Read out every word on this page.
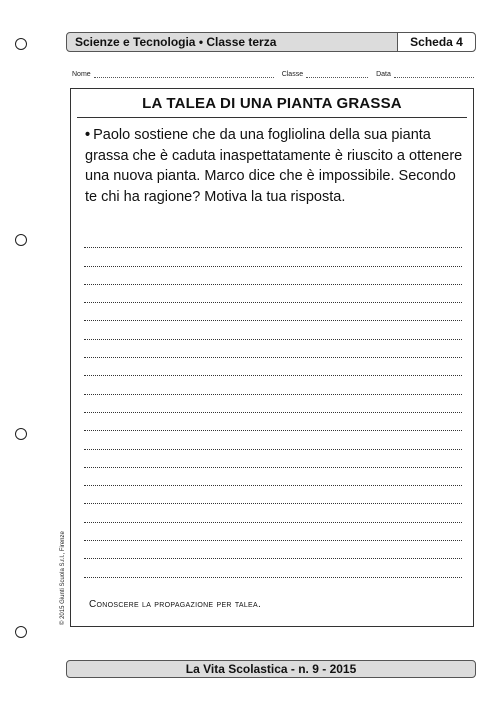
Scienze e Tecnologia • Classe terza	Scheda 4
Nome	Classe	Data
LA TALEA DI UNA PIANTA GRASSA
• Paolo sostiene che da una fogliolina della sua pianta grassa che è caduta inaspettatamente è riuscito a ottenere una nuova pianta. Marco dice che è impossibile. Secondo te chi ha ragione? Motiva la tua risposta.
Conoscere la propagazione per talea.
© 2015 Giunti Scuola S.r.l., Firenze
La Vita Scolastica - n. 9 - 2015
